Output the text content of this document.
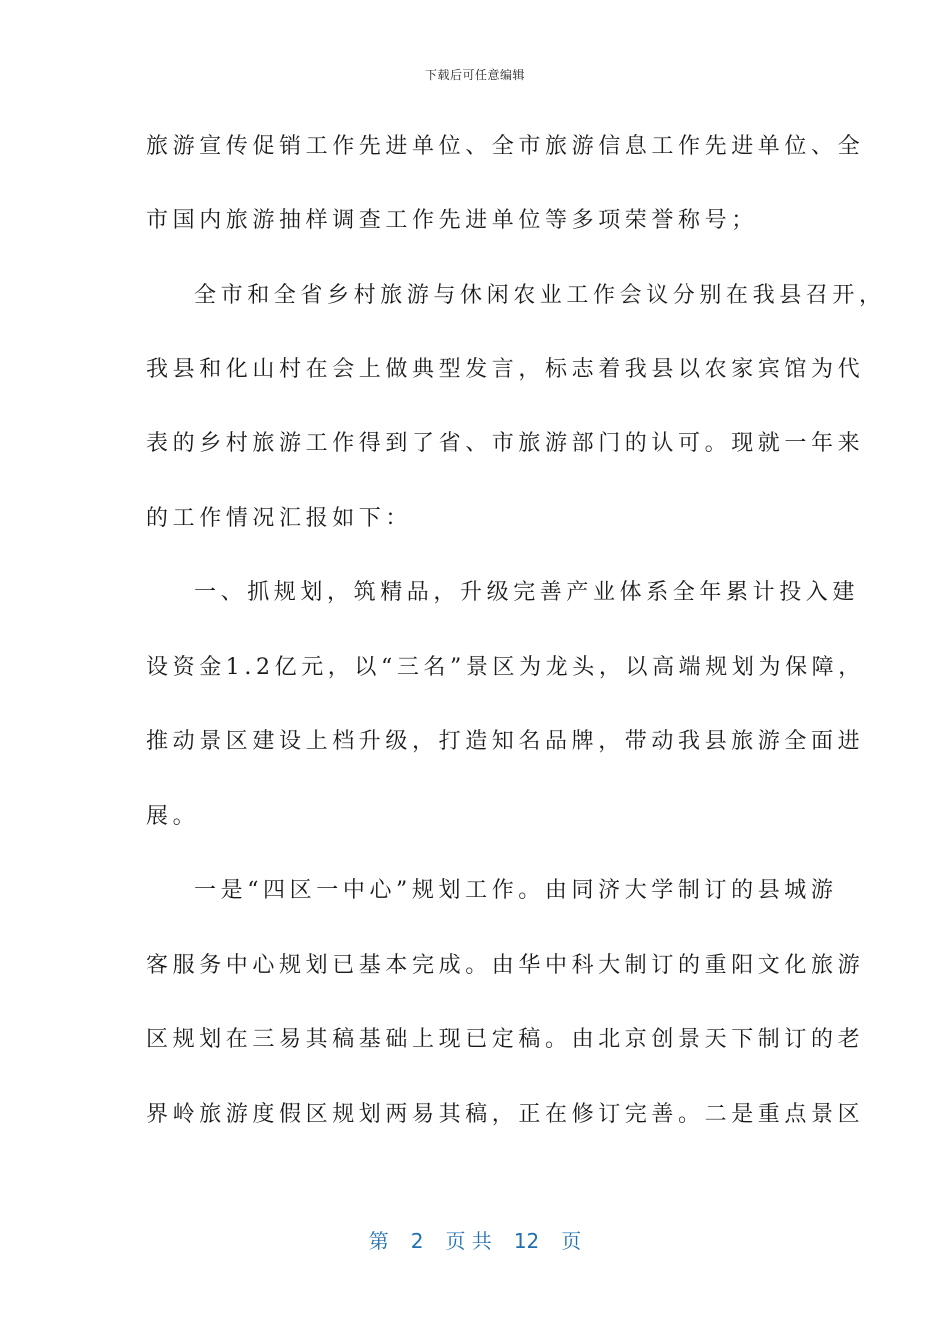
下载后可任意编辑
旅游宣传促销工作先进单位、全市旅游信息工作先进单位、全
市国内旅游抽样调查工作先进单位等多项荣誉称号；
全市和全省乡村旅游与休闲农业工作会议分别在我县召开，
我县和化山村在会上做典型发言，标志着我县以农家宾馆为代
表的乡村旅游工作得到了省、市旅游部门的认可。现就一年来
的工作情况汇报如下：
一、抓规划，筑精品，升级完善产业体系全年累计投入建
设资金1.2亿元，以“三名”景区为龙头，以高端规划为保障，
推动景区建设上档升级，打造知名品牌，带动我县旅游全面进
展。
一是“四区一中心”规划工作。由同济大学制订的县城游
客服务中心规划已基本完成。由华中科大制订的重阳文化旅游
区规划在三易其稿基础上现已定稿。由北京创景天下制订的老
界岭旅游度假区规划两易其稿，正在修订完善。二是重点景区
第 2 页 共 12 页
